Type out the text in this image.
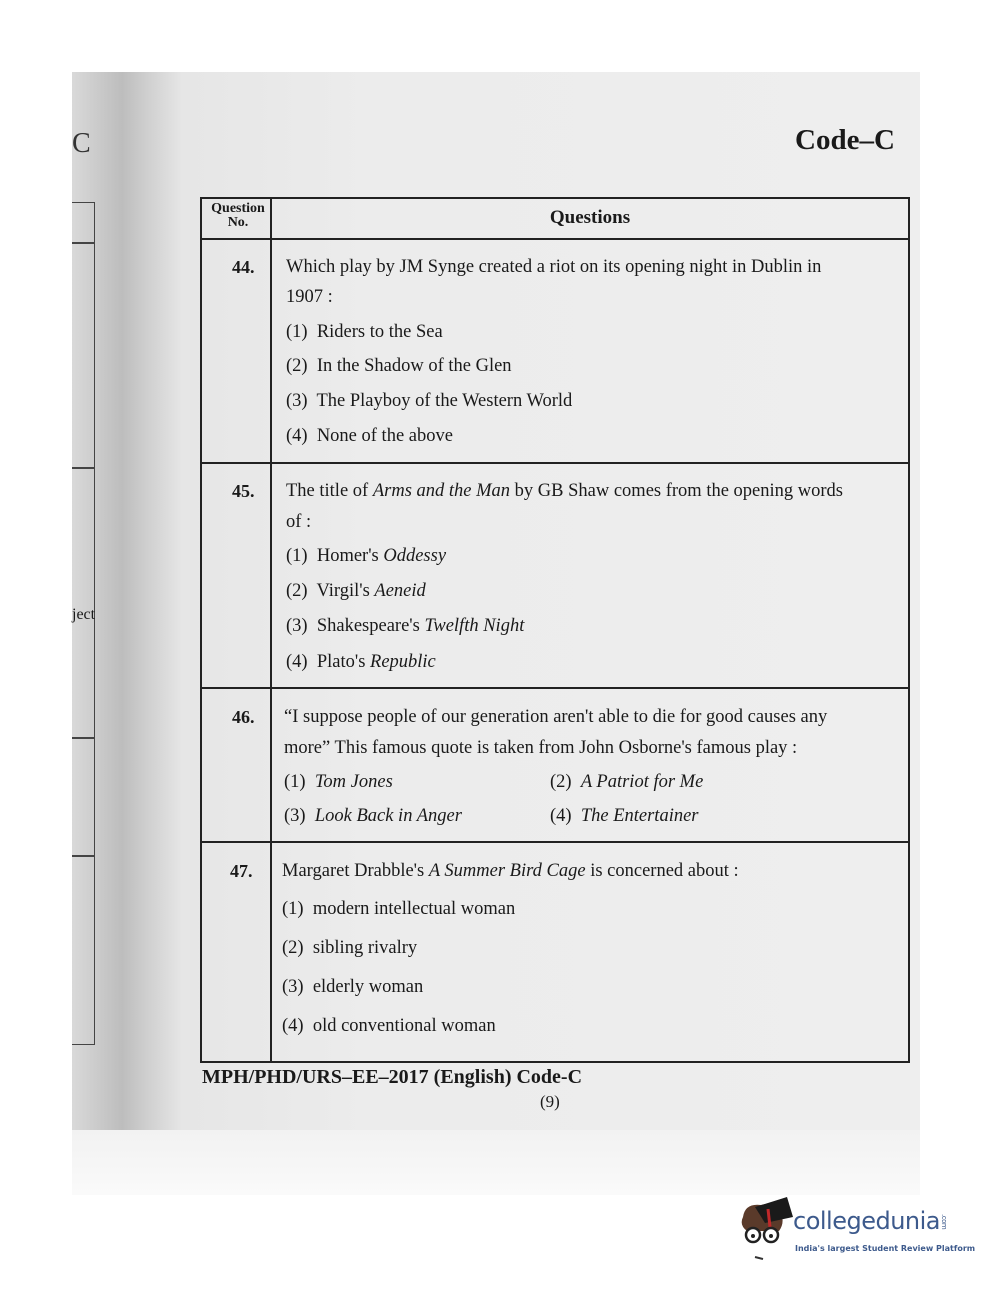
C
ject
Code–C
Question No.	Questions
44. Which play by JM Synge created a riot on its opening night in Dublin in
1907 :
(1)  Riders to the Sea
(2)  In the Shadow of the Glen
(3)  The Playboy of the Western World
(4)  None of the above
45. The title of Arms and the Man by GB Shaw comes from the opening words
of :
(1) Homer's Oddessy
(2) Virgil's Aeneid
(3) Shakespeare's Twelfth Night
(4) Plato's Republic
46. “I suppose people of our generation aren't able to die for good causes any
more” This famous quote is taken from John Osborne's famous play :
(1) Tom Jones	(2) A Patriot for Me
(3) Look Back in Anger	(4) The Entertainer
47. Margaret Drabble's A Summer Bird Cage is concerned about :
(1)  modern intellectual woman
(2)  sibling rivalry
(3)  elderly woman
(4)  old conventional woman
MPH/PHD/URS–EE–2017 (English) Code-C
(9)
collegedunia.com
India's largest Student Review Platform
